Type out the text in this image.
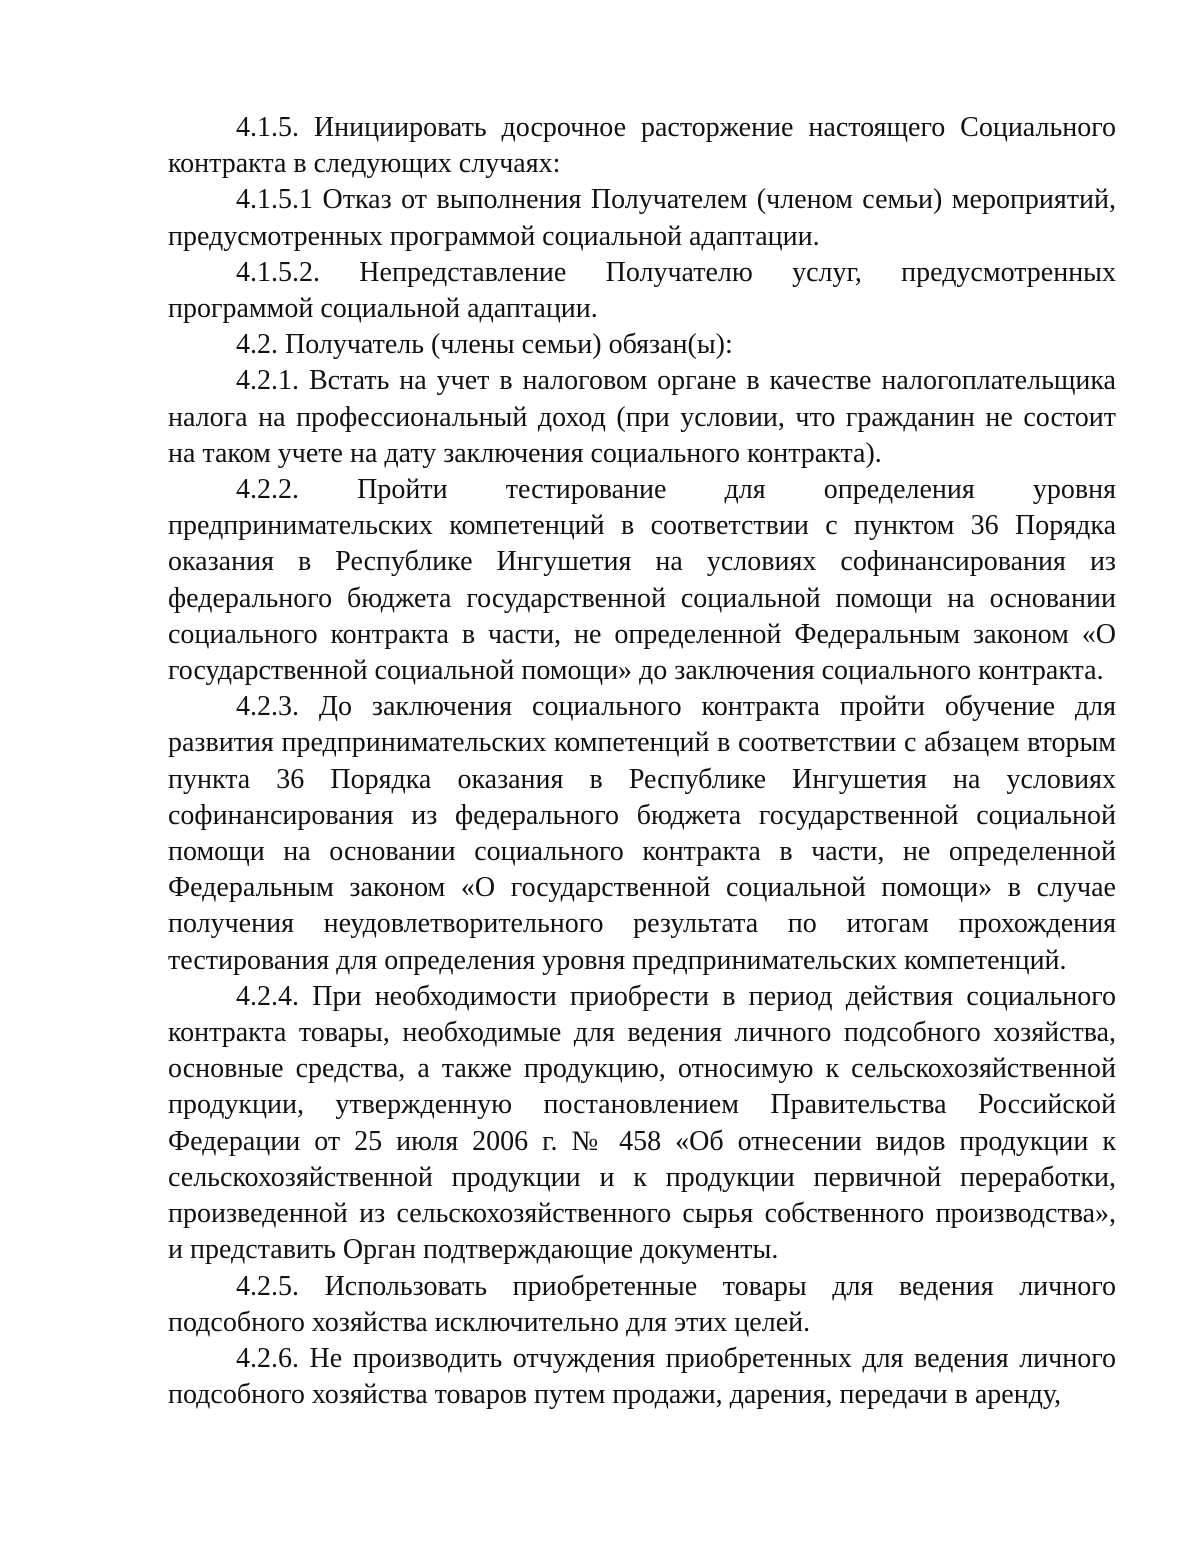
4.1.5. Инициировать досрочное расторжение настоящего Социального контракта в следующих случаях:

4.1.5.1 Отказ от выполнения Получателем (членом семьи) мероприятий, предусмотренных программой социальной адаптации.

4.1.5.2. Непредставление Получателю услуг, предусмотренных программой социальной адаптации.

4.2. Получатель (члены семьи) обязан(ы):

4.2.1. Встать на учет в налоговом органе в качестве налогоплательщика налога на профессиональный доход (при условии, что гражданин не состоит на таком учете на дату заключения социального контракта).

4.2.2. Пройти тестирование для определения уровня предпринимательских компетенций в соответствии с пунктом 36 Порядка оказания в Республике Ингушетия на условиях софинансирования из федерального бюджета государственной социальной помощи на основании социального контракта в части, не определенной Федеральным законом «О государственной социальной помощи» до заключения социального контракта.

4.2.3. До заключения социального контракта пройти обучение для развития предпринимательских компетенций в соответствии с абзацем вторым пункта 36 Порядка оказания в Республике Ингушетия на условиях софинансирования из федерального бюджета государственной социальной помощи на основании социального контракта в части, не определенной Федеральным законом «О государственной социальной помощи» в случае получения неудовлетворительного результата по итогам прохождения тестирования для определения уровня предпринимательских компетенций.

4.2.4. При необходимости приобрести в период действия социального контракта товары, необходимые для ведения личного подсобного хозяйства, основные средства, а также продукцию, относимую к сельскохозяйственной продукции, утвержденную постановлением Правительства Российской Федерации от 25 июля 2006 г. № 458 «Об отнесении видов продукции к сельскохозяйственной продукции и к продукции первичной переработки, произведенной из сельскохозяйственного сырья собственного производства», и представить Орган подтверждающие документы.

4.2.5. Использовать приобретенные товары для ведения личного подсобного хозяйства исключительно для этих целей.

4.2.6. Не производить отчуждения приобретенных для ведения личного подсобного хозяйства товаров путем продажи, дарения, передачи в аренду,
